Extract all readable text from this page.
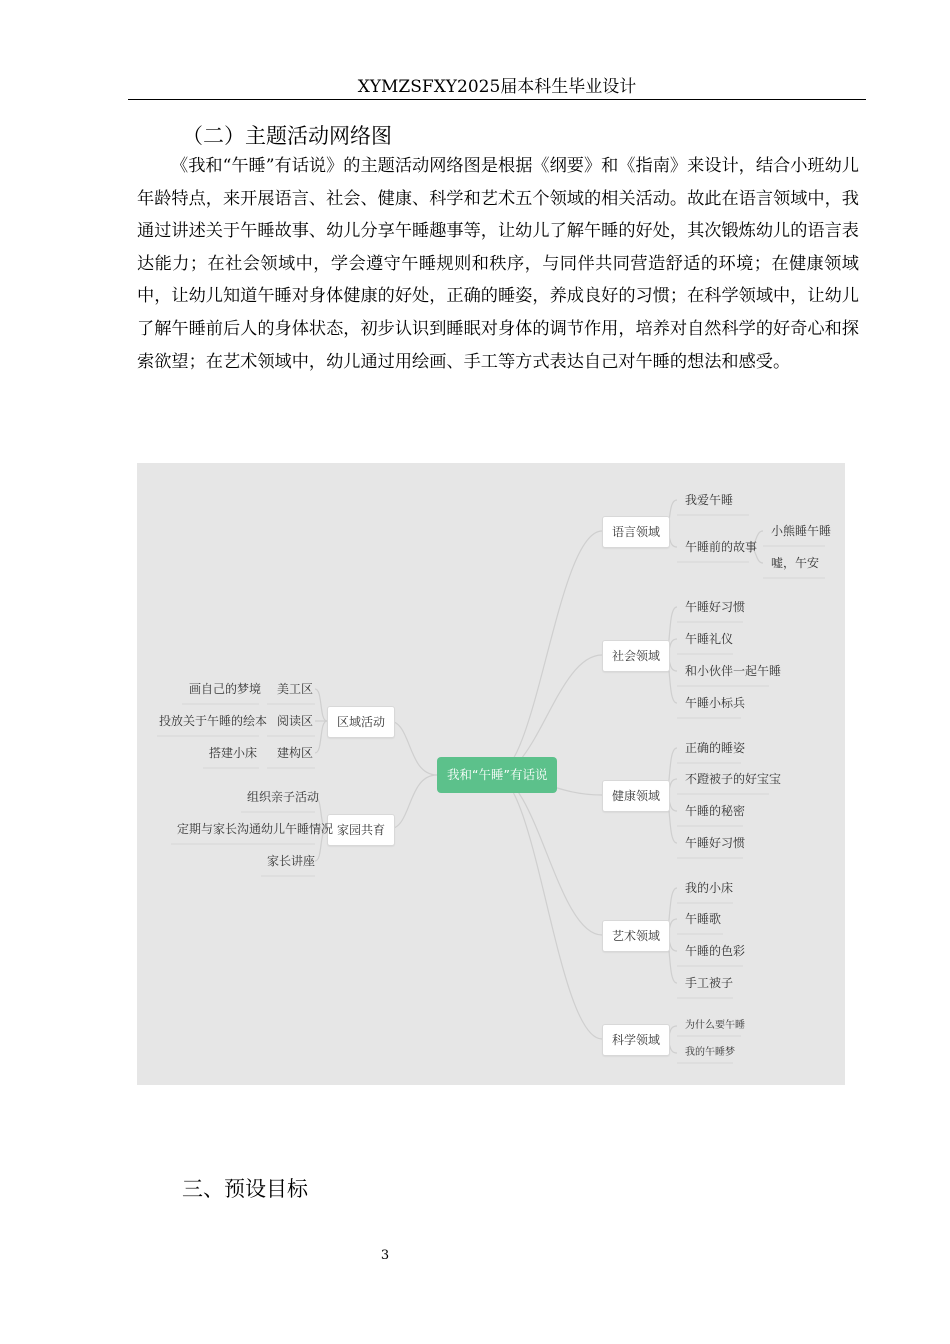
XYMZSFXY2025届本科生毕业设计
（二）主题活动网络图

《我和“午睡”有话说》的主题活动网络图是根据《纲要》和《指南》来设计，结合小班幼儿年龄特点，来开展语言、社会、健康、科学和艺术五个领域的相关活动。故此在语言领域中，我通过讲述关于午睡故事、幼儿分享午睡趣事等，让幼儿了解午睡的好处，其次锻炼幼儿的语言表达能力；在社会领域中，学会遵守午睡规则和秩序，与同伴共同营造舒适的环境；在健康领域中，让幼儿知道午睡对身体健康的好处，正确的睡姿，养成良好的习惯；在科学领域中，让幼儿了解午睡前后人的身体状态，初步认识到睡眠对身体的调节作用，培养对自然科学的好奇心和探索欲望；在艺术领域中，幼儿通过用绘画、手工等方式表达自己对午睡的想法和感受。

我和“午睡”有话说
语言领域
我爱午睡
午睡前的故事
小熊睡午睡
嘘，午安
社会领域
午睡好习惯
午睡礼仪
和小伙伴一起午睡
午睡小标兵
健康领域
正确的睡姿
不蹬被子的好宝宝
午睡的秘密
午睡好习惯
艺术领域
我的小床
午睡歌
午睡的色彩
手工被子
科学领域
为什么要午睡
我的午睡梦
区域活动
美工区
阅读区
建构区
画自己的梦境
投放关于午睡的绘本
搭建小床
家园共育
组织亲子活动
定期与家长沟通幼儿午睡情况
家长讲座
三、预设目标
3
